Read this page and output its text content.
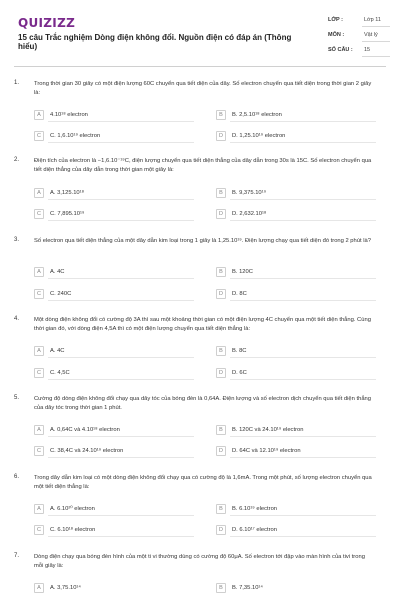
QUIZIZZ
15 câu Trắc nghiệm Dòng điện không đổi. Nguồn điện có đáp án (Thông hiểu)
LỚP :	Lớp 11
MÔN :	Vật lý
SỐ CÂU : 15
1.	Trong thời gian 30 giây có một điện lượng 60C chuyển qua tiết diện của dây. Số electron chuyển qua tiết diện trong thời gian 2 giây là:
A	4.10¹⁸ electron	B	B. 2,5.10¹⁸ electron
C	C. 1,6.10¹⁹ electron	D	D. 1,25.10¹⁹ electron
2.	Điện tích của electron là −1,6.10⁻¹⁹C, điện lượng chuyển qua tiết diện thẳng của dây dẫn trong 30s là 15C. Số electron chuyển qua tiết diện thẳng của dây dẫn trong thời gian một giây là:
A	A. 3,125.10¹⁸	B	B. 9,375.10¹⁹
C	C. 7,895.10¹⁹	D	D. 2,632.10¹⁸
3.	Số electron qua tiết diện thẳng của một dây dẫn kim loại trong 1 giây là 1,25.10¹⁹. Điện lượng chạy qua tiết diện đó trong 2 phút là?
A	A. 4C	B	B. 120C
C	C. 240C	D	D. 8C
4.	Một dòng điện không đổi có cường độ 3A thì sau một khoảng thời gian có một điện lượng 4C chuyển qua một tiết diện thẳng. Cùng thời gian đó, với dòng điện 4,5A thì có một điện lượng chuyển qua tiết diện thẳng là:
A	A. 4C	B	B. 8C
C	C. 4,5C	D	D. 6C
5.	Cường độ dòng điện không đổi chạy qua dây tóc của bóng đèn là 0,64A. Điện lượng và số electron dịch chuyển qua tiết diện thẳng của dây tóc trong thời gian 1 phút.
A	A. 0,64C và 4.10¹⁸ electron	B	B. 120C và 24.10¹⁹ electron
C	C. 38,4C và 24.10¹⁹ electron	D	D. 64C và 12.10¹⁹ electron
6.	Trong dây dẫn kim loại có một dòng điện không đổi chạy qua có cường độ là 1,6mA. Trong một phút, số lượng electron chuyển qua một tiết diện thẳng là:
A	A. 6.10²⁰ electron	B	B. 6.10¹⁹ electron
C	C. 6.10¹⁸ electron	D	D. 6.10¹⁷ electron
7.	Dòng điện chạy qua bóng đèn hình của một ti vi thường dùng có cường độ 60μA. Số electron tới đập vào màn hình của tivi trong mỗi giây là:
A	A. 3,75.10¹⁴	B	B. 7,35.10¹⁴
